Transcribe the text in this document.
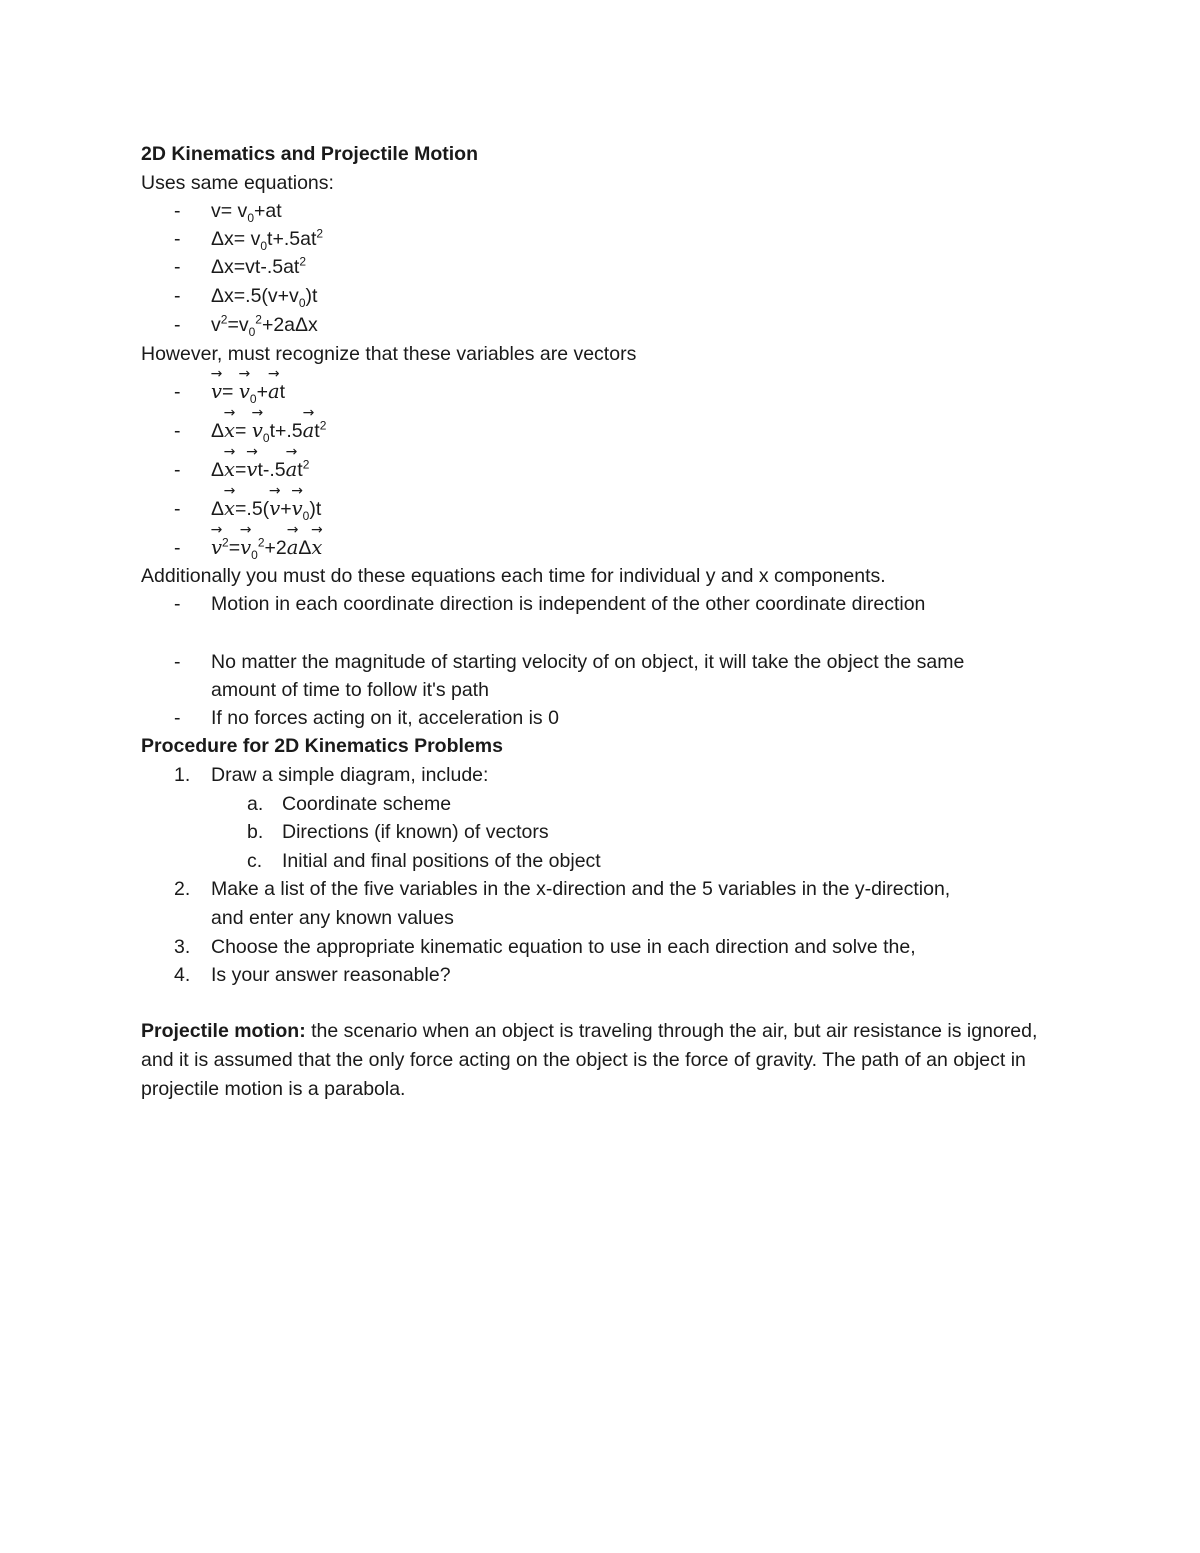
2D Kinematics and Projectile Motion
Uses same equations:
- $v= v_0+at$
- $\Delta x= v_0t+.5at^2$
- $\Delta x=vt-.5at^2$
- $\Delta x=.5(v+v_0)t$
- $v^2=v_0^2+2a\Delta x$
However, must recognize that these variables are vectors
- → $v= \to v_0+\to$ at
- $\Delta\to x= \to v_0t+.5\to at^2$
- $\Delta\to x=\to vt-.5\to at^2$
- $\Delta\to x=.5(\to v+\to v_0)t$
- → $v^2=\to v_0^2+2\to a\Delta\to x$
Additionally you must do these equations each time for individual y and x components.
- Motion in each coordinate direction is independent of the other coordinate direction
- No matter the magnitude of starting velocity of on object, it will take the object the same
amount of time to follow it's path
- If no forces acting on it, acceleration is 0
Procedure for 2D Kinematics Problems
1. Draw a simple diagram, include:
a. Coordinate scheme
b. Directions (if known) of vectors
c. Initial and final positions of the object
2. Make a list of the five variables in the x-direction and the 5 variables in the y-direction,
and enter any known values
3. Choose the appropriate kinematic equation to use in each direction and solve the,
4. Is your answer reasonable?
Projectile motion: the scenario when an object is traveling through the air, but air resistance is ignored, and it is assumed that the only force acting on the object is the force of gravity. The path of an object in projectile motion is a parabola.
